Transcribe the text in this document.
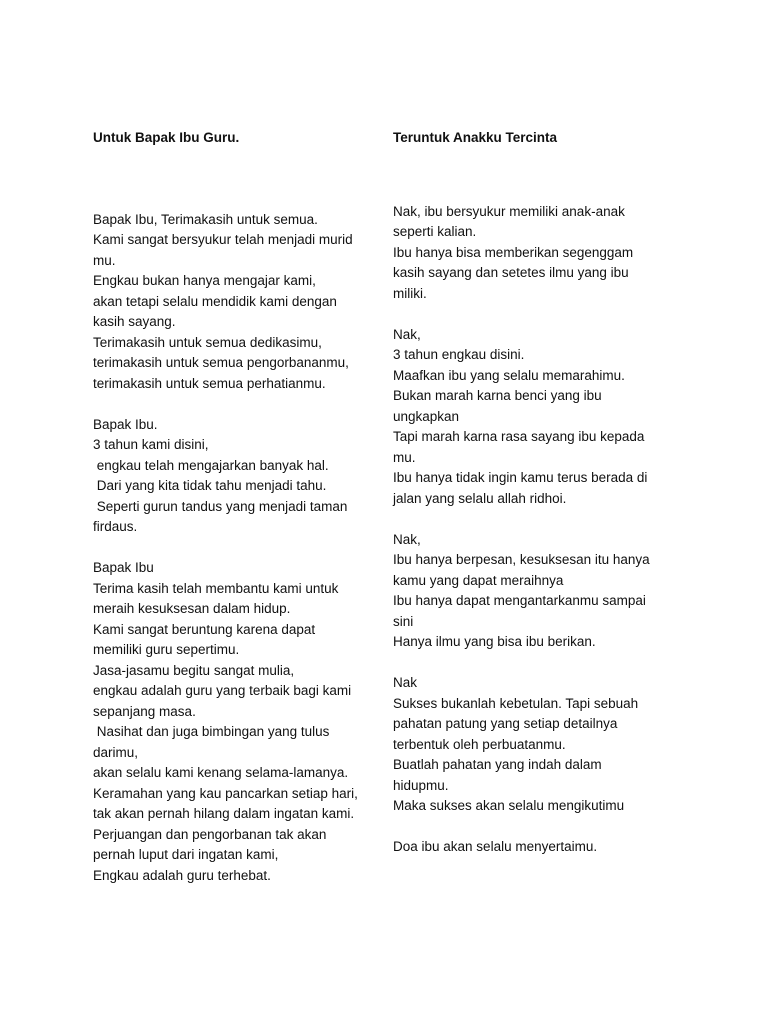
Untuk Bapak Ibu Guru.

Bapak Ibu, Terimakasih untuk semua.
Kami sangat bersyukur telah menjadi murid
mu.
Engkau bukan hanya mengajar kami,
akan tetapi selalu mendidik kami dengan
kasih sayang.
Terimakasih untuk semua dedikasimu,
terimakasih untuk semua pengorbananmu,
terimakasih untuk semua perhatianmu.
Bapak Ibu.
3 tahun kami disini,
engkau telah mengajarkan banyak hal.
Dari yang kita tidak tahu menjadi tahu.
Seperti gurun tandus yang menjadi taman
firdaus.
Bapak Ibu
Terima kasih telah membantu kami untuk
meraih kesuksesan dalam hidup.
Kami sangat beruntung karena dapat
memiliki guru sepertimu.
Jasa-jasamu begitu sangat mulia,
engkau adalah guru yang terbaik bagi kami
sepanjang masa.
Nasihat dan juga bimbingan yang tulus
darimu,
akan selalu kami kenang selama-lamanya.
Keramahan yang kau pancarkan setiap hari,
tak akan pernah hilang dalam ingatan kami.
Perjuangan dan pengorbanan tak akan
pernah luput dari ingatan kami,
Engkau adalah guru terhebat.

Teruntuk Anakku Tercinta

Nak, ibu bersyukur memiliki anak-anak
seperti kalian.
Ibu hanya bisa memberikan segenggam
kasih sayang dan setetes ilmu yang ibu
miliki.
Nak,
3 tahun engkau disini.
Maafkan ibu yang selalu memarahimu.
Bukan marah karna benci yang ibu
ungkapkan
Tapi marah karna rasa sayang ibu kepada
mu.
Ibu hanya tidak ingin kamu terus berada di
jalan yang selalu allah ridhoi.
Nak,
Ibu hanya berpesan, kesuksesan itu hanya
kamu yang dapat meraihnya
Ibu hanya dapat mengantarkanmu sampai
sini
Hanya ilmu yang bisa ibu berikan.
Nak
Sukses bukanlah kebetulan. Tapi sebuah
pahatan patung yang setiap detailnya
terbentuk oleh perbuatanmu.
Buatlah pahatan yang indah dalam
hidupmu.
Maka sukses akan selalu mengikutimu
Doa ibu akan selalu menyertaimu.
